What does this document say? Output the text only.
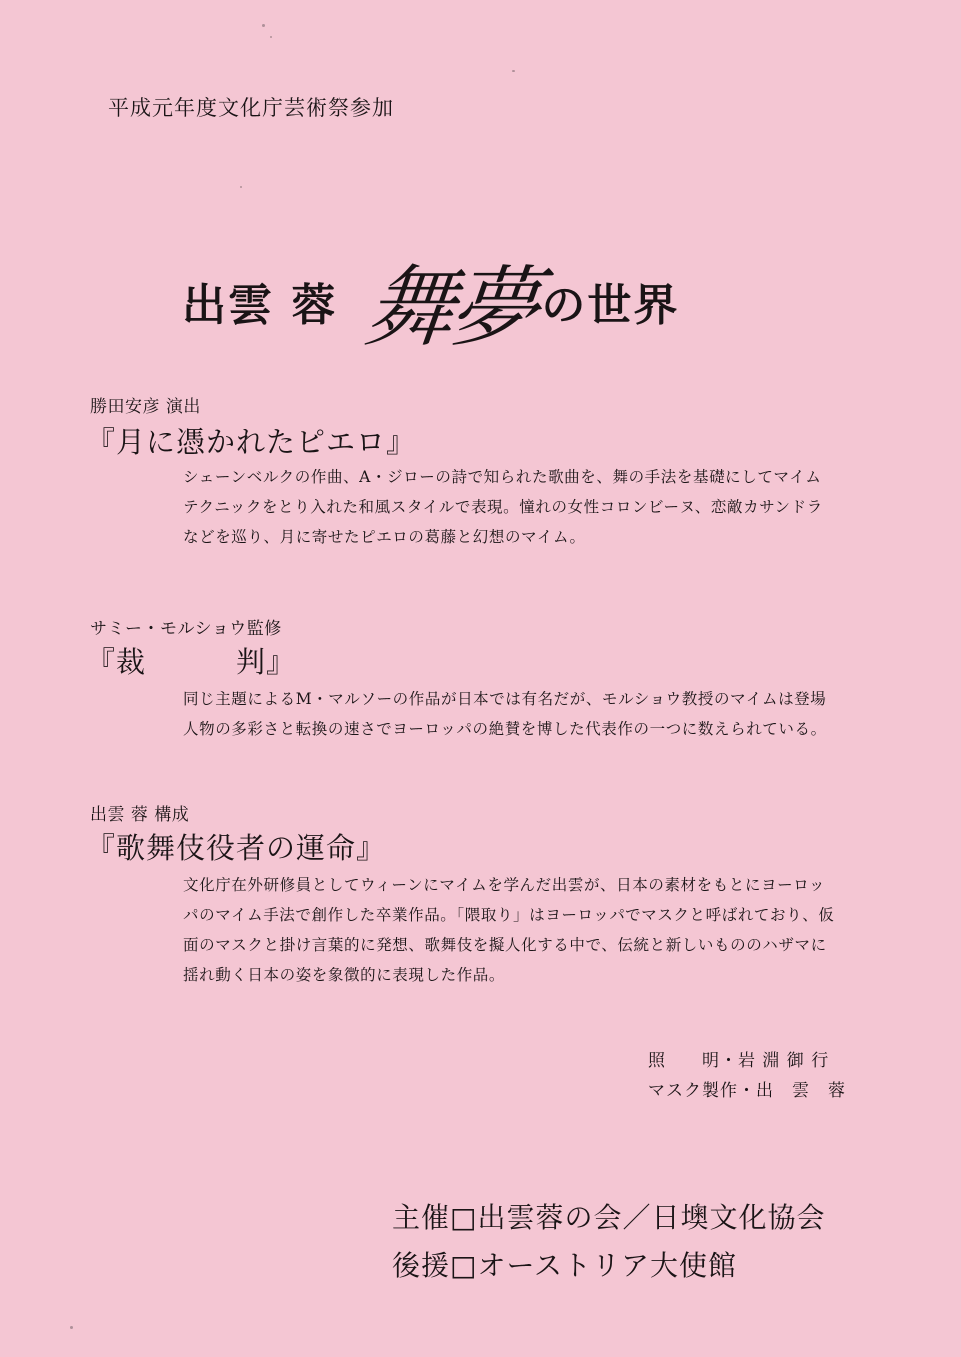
平成元年度文化庁芸術祭参加
出雲 蓉 舞夢 の世界
勝田安彦 演出
『月に憑かれたピエロ』
シェーンベルクの作曲、A・ジローの詩で知られた歌曲を、舞の手法を基礎にしてマイム
テクニックをとり入れた和風スタイルで表現。憧れの女性コロンビーヌ、恋敵カサンドラ
などを巡り、月に寄せたピエロの葛藤と幻想のマイム。
サミー・モルショウ監修
『裁　　　判』
同じ主題によるM・マルソーの作品が日本では有名だが、モルショウ教授のマイムは登場
人物の多彩さと転換の速さでヨーロッパの絶賛を博した代表作の一つに数えられている。
出雲 蓉 構成
『歌舞伎役者の運命』
文化庁在外研修員としてウィーンにマイムを学んだ出雲が、日本の素材をもとにヨーロッ
パのマイム手法で創作した卒業作品。「隈取り」はヨーロッパでマスクと呼ばれており、仮
面のマスクと掛け言葉的に発想、歌舞伎を擬人化する中で、伝統と新しいもののハザマに
揺れ動く日本の姿を象徴的に表現した作品。
照　　明・岩 淵 御 行
マスク製作・出　雲　蓉
主催□出雲蓉の会／日墺文化協会
後援□オーストリア大使館
